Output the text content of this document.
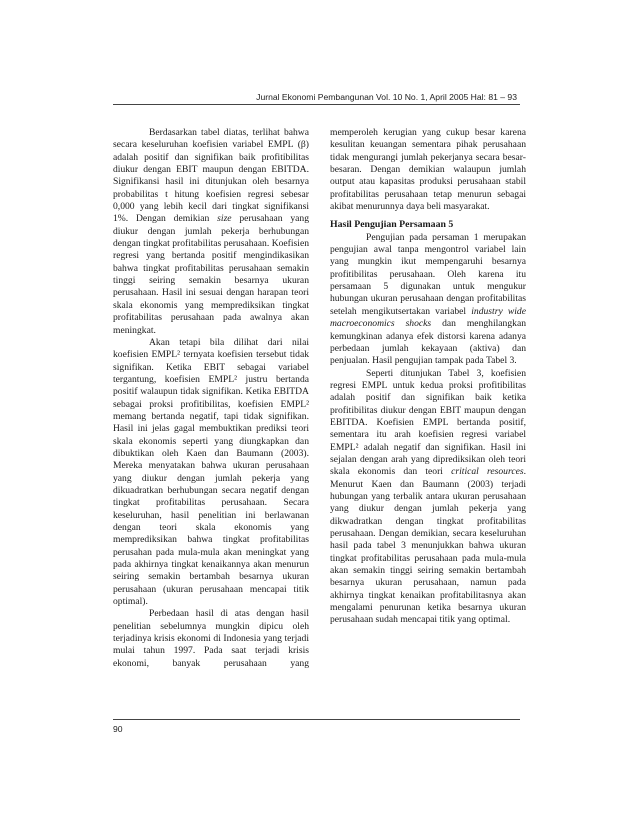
Jurnal Ekonomi Pembangunan Vol. 10 No. 1, April 2005 Hal: 81 – 93

Berdasarkan tabel diatas, terlihat bahwa secara keseluruhan koefisien variabel EMPL (β) adalah positif dan signifikan baik profitibilitas diukur dengan EBIT maupun dengan EBITDA. Signifikansi hasil ini ditunjukan oleh besarnya probabilitas t hitung koefisien regresi sebesar 0,000 yang lebih kecil dari tingkat signifikansi 1%. Dengan demikian size perusahaan yang diukur dengan jumlah pekerja berhubungan dengan tingkat profitabilitas perusahaan. Koefisien regresi yang bertanda positif mengindikasikan bahwa tingkat profitabilitas perusahaan semakin tinggi seiring semakin besarnya ukuran perusahaan. Hasil ini sesuai dengan harapan teori skala ekonomis yang memprediksikan tingkat profitabilitas perusahaan pada awalnya akan meningkat.

Akan tetapi bila dilihat dari nilai koefisien EMPL² ternyata koefisien tersebut tidak signifikan. Ketika EBIT sebagai variabel tergantung, koefisien EMPL² justru bertanda positif walaupun tidak signifikan. Ketika EBITDA sebagai proksi profitibilitas, koefisien EMPL² memang bertanda negatif, tapi tidak signifikan. Hasil ini jelas gagal membuktikan prediksi teori skala ekonomis seperti yang diungkapkan dan dibuktikan oleh Kaen dan Baumann (2003). Mereka menyatakan bahwa ukuran perusahaan yang diukur dengan jumlah pekerja yang dikuadratkan berhubungan secara negatif dengan tingkat profitabilitas perusahaan. Secara keseluruhan, hasil penelitian ini berlawanan dengan teori skala ekonomis yang memprediksikan bahwa tingkat profitabilitas perusahan pada mula-mula akan meningkat yang pada akhirnya tingkat kenaikannya akan menurun seiring semakin bertambah besarnya ukuran perusahaan (ukuran perusahaan mencapai titik optimal).

Perbedaan hasil di atas dengan hasil penelitian sebelumnya mungkin dipicu oleh terjadinya krisis ekonomi di Indonesia yang terjadi mulai tahun 1997. Pada saat terjadi krisis ekonomi, banyak perusahaan yang

memperoleh kerugian yang cukup besar karena kesulitan keuangan sementara pihak perusahaan tidak mengurangi jumlah pekerjanya secara besar-besaran. Dengan demikian walaupun jumlah output atau kapasitas produksi perusahaan stabil profitabilitas perusahaan tetap menurun sebagai akibat menurunnya daya beli masyarakat.

Hasil Pengujian Persamaan 5

Pengujian pada persaman 1 merupakan pengujian awal tanpa mengontrol variabel lain yang mungkin ikut mempengaruhi besarnya profitibilitas perusahaan. Oleh karena itu persamaan 5 digunakan untuk mengukur hubungan ukuran perusahaan dengan profitabilitas setelah mengikutsertakan variabel industry wide macroeconomics shocks dan menghilangkan kemungkinan adanya efek distorsi karena adanya perbedaan jumlah kekayaan (aktiva) dan penjualan. Hasil pengujian tampak pada Tabel 3.

Seperti ditunjukan Tabel 3, koefisien regresi EMPL untuk kedua proksi profitibilitas adalah positif dan signifikan baik ketika profitibilitas diukur dengan EBIT maupun dengan EBITDA. Koefisien EMPL bertanda positif, sementara itu arah koefisien regresi variabel EMPL² adalah negatif dan signifikan. Hasil ini sejalan dengan arah yang diprediksikan oleh teori skala ekonomis dan teori critical resources. Menurut Kaen dan Baumann (2003) terjadi hubungan yang terbalik antara ukuran perusahaan yang diukur dengan jumlah pekerja yang dikwadratkan dengan tingkat profitabilitas perusahaan. Dengan demikian, secara keseluruhan hasil pada tabel 3 menunjukkan bahwa ukuran tingkat profitabilitas perusahaan pada mula-mula akan semakin tinggi seiring semakin bertambah besarnya ukuran perusahaan, namun pada akhirnya tingkat kenaikan profitabilitasnya akan mengalami penurunan ketika besarnya ukuran perusahaan sudah mencapai titik yang optimal.

90
